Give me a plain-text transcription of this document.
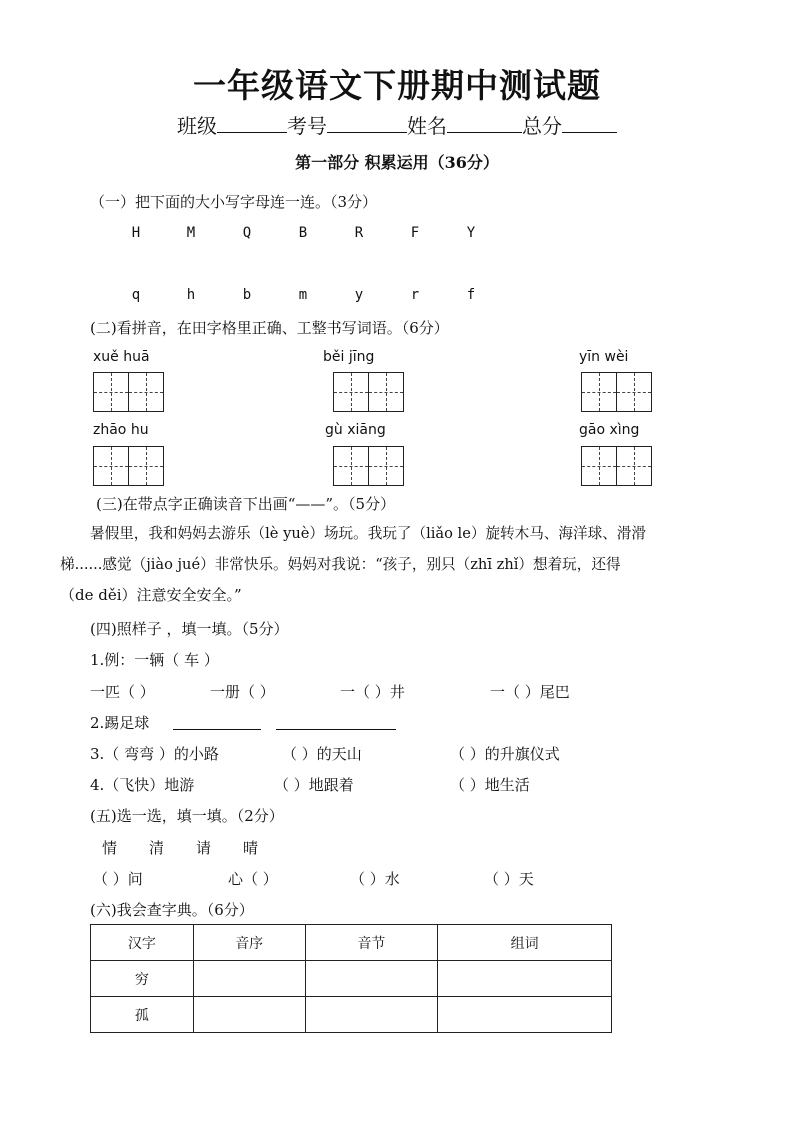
一年级语文下册期中测试题
班级	考号	姓名	总分
第一部分 积累运用（36分）
（一）把下面的大小写字母连一连。（3分）
H	M	Q	B	R	F	Y
q	h	b	m	y	r	f
(二)看拼音，在田字格里正确、工整书写词语。（6分）
xuě huā	běi jīng	yīn wèi
zhāo hu	gù xiāng	gāo xìng
(三)在带点字正确读音下出画“——”。（5分）
暑假里，我和妈妈去游乐（lè yuè）场玩。我玩了（liǎo le）旋转木马、海洋球、滑滑
梯......感觉（jiào jué）非常快乐。妈妈对我说：“孩子，别只（zhī zhǐ）想着玩，还得
（de děi）注意安全安全。”
(四)照样子 ，填一填。（5分）
1.例：一辆（ 车 ）
一匹（ ）	一册（ ）	一（ ）井	一（ ）尾巴
2.踢足球
3.（ 弯弯 ）的小路	（ ）的天山	（ ）的升旗仪式
4.（飞快）地游	（ ）地跟着	（ ）地生活
(五)选一选，填一填。（2分）
情 清 请 晴
（ ）问	心（ ）	（ ）水	（ ）天
(六)我会查字典。（6分）
汉字	音序	音节	组词
穷			
孤			
